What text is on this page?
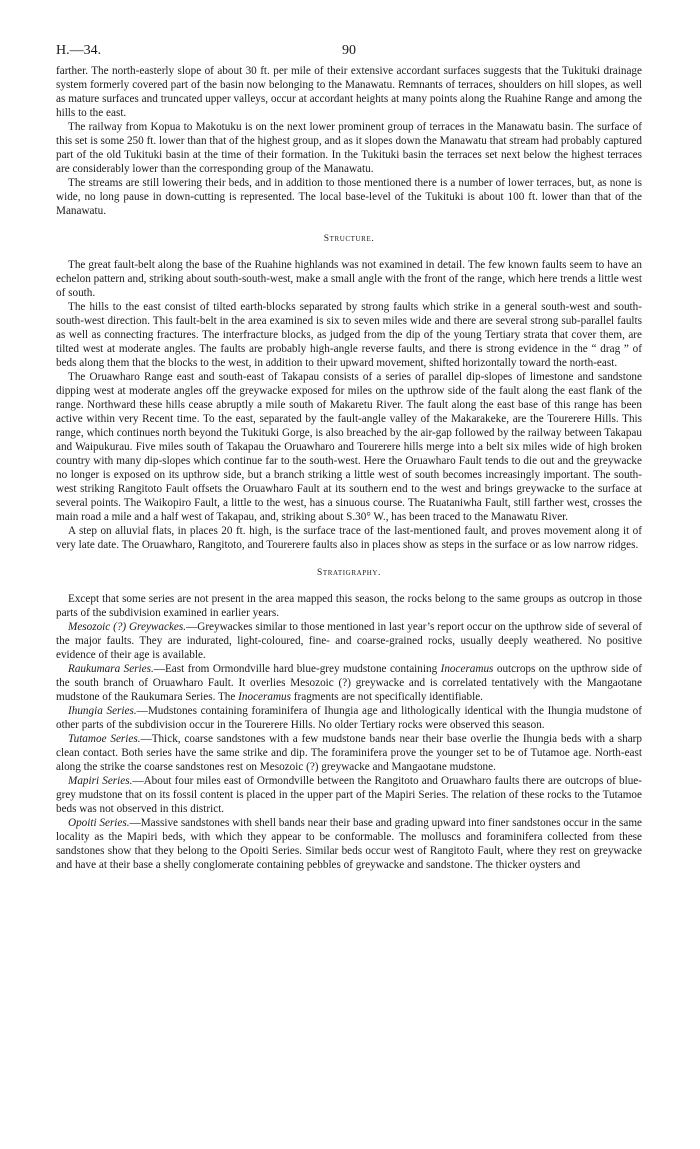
H.—34.	90

farther. The north-easterly slope of about 30 ft. per mile of their extensive accordant surfaces suggests that the Tukituki drainage system formerly covered part of the basin now belonging to the Manawatu. Remnants of terraces, shoulders on hill slopes, as well as mature surfaces and truncated upper valleys, occur at accordant heights at many points along the Ruahine Range and among the hills to the east.

The railway from Kopua to Makotuku is on the next lower prominent group of terraces in the Manawatu basin. The surface of this set is some 250 ft. lower than that of the highest group, and as it slopes down the Manawatu that stream had probably captured part of the old Tukituki basin at the time of their formation. In the Tukituki basin the terraces set next below the highest terraces are considerably lower than the corresponding group of the Manawatu.

The streams are still lowering their beds, and in addition to those mentioned there is a number of lower terraces, but, as none is wide, no long pause in down-cutting is represented. The local base-level of the Tukituki is about 100 ft. lower than that of the Manawatu.

Structure.

The great fault-belt along the base of the Ruahine highlands was not examined in detail. The few known faults seem to have an echelon pattern and, striking about south-south-west, make a small angle with the front of the range, which here trends a little west of south.

The hills to the east consist of tilted earth-blocks separated by strong faults which strike in a general south-west and south-south-west direction. This fault-belt in the area examined is six to seven miles wide and there are several strong sub-parallel faults as well as connecting fractures. The interfracture blocks, as judged from the dip of the young Tertiary strata that cover them, are tilted west at moderate angles. The faults are probably high-angle reverse faults, and there is strong evidence in the “ drag ” of beds along them that the blocks to the west, in addition to their upward movement, shifted horizontally toward the north-east.

The Oruawharo Range east and south-east of Takapau consists of a series of parallel dip-slopes of limestone and sandstone dipping west at moderate angles off the greywacke exposed for miles on the upthrow side of the fault along the east flank of the range. Northward these hills cease abruptly a mile south of Makaretu River. The fault along the east base of this range has been active within very Recent time. To the east, separated by the fault-angle valley of the Makarakeke, are the Tourerere Hills. This range, which continues north beyond the Tukituki Gorge, is also breached by the air-gap followed by the railway between Takapau and Waipukurau. Five miles south of Takapau the Oruawharo and Tourerere hills merge into a belt six miles wide of high broken country with many dip-slopes which continue far to the south-west. Here the Oruawharo Fault tends to die out and the greywacke no longer is exposed on its upthrow side, but a branch striking a little west of south becomes increasingly important. The south-west striking Rangitoto Fault offsets the Oruawharo Fault at its southern end to the west and brings greywacke to the surface at several points. The Waikopiro Fault, a little to the west, has a sinuous course. The Ruataniwha Fault, still farther west, crosses the main road a mile and a half west of Takapau, and, striking about S.30° W., has been traced to the Manawatu River.

A step on alluvial flats, in places 20 ft. high, is the surface trace of the last-mentioned fault, and proves movement along it of very late date. The Oruawharo, Rangitoto, and Tourerere faults also in places show as steps in the surface or as low narrow ridges.

Stratigraphy.

Except that some series are not present in the area mapped this season, the rocks belong to the same groups as outcrop in those parts of the subdivision examined in earlier years.

Mesozoic (?) Greywackes.—Greywackes similar to those mentioned in last year’s report occur on the upthrow side of several of the major faults. They are indurated, light-coloured, fine- and coarse-grained rocks, usually deeply weathered. No positive evidence of their age is available.

Raukumara Series.—East from Ormondville hard blue-grey mudstone containing Inoceramus outcrops on the upthrow side of the south branch of Oruawharo Fault. It overlies Mesozoic (?) greywacke and is correlated tentatively with the Mangaotane mudstone of the Raukumara Series. The Inoceramus fragments are not specifically identifiable.

Ihungia Series.—Mudstones containing foraminifera of Ihungia age and lithologically identical with the Ihungia mudstone of other parts of the subdivision occur in the Tourerere Hills. No older Tertiary rocks were observed this season.

Tutamoe Series.—Thick, coarse sandstones with a few mudstone bands near their base overlie the Ihungia beds with a sharp clean contact. Both series have the same strike and dip. The foraminifera prove the younger set to be of Tutamoe age. North-east along the strike the coarse sandstones rest on Mesozoic (?) greywacke and Mangaotane mudstone.

Mapiri Series.—About four miles east of Ormondville between the Rangitoto and Oruawharo faults there are outcrops of blue-grey mudstone that on its fossil content is placed in the upper part of the Mapiri Series. The relation of these rocks to the Tutamoe beds was not observed in this district.

Opoiti Series.—Massive sandstones with shell bands near their base and grading upward into finer sandstones occur in the same locality as the Mapiri beds, with which they appear to be conformable. The molluscs and foraminifera collected from these sandstones show that they belong to the Opoiti Series. Similar beds occur west of Rangitoto Fault, where they rest on greywacke and have at their base a shelly conglomerate containing pebbles of greywacke and sandstone. The thicker oysters and
